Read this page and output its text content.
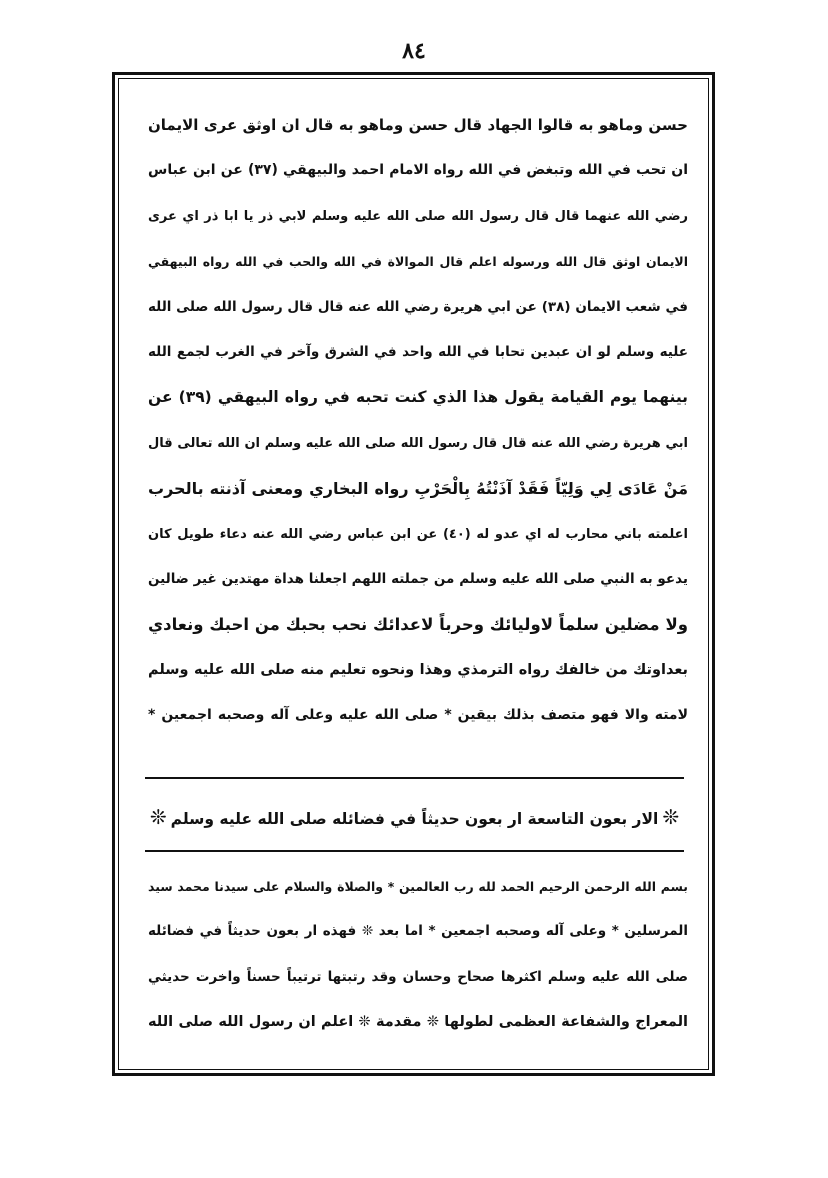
٨٤
حسن وماهو به قالوا الجهاد قال حسن وماهو به قال ان اوثق عرى الايمان
ان تحب في الله وتبغض في الله رواه الامام احمد والبيهقي (٣٧) عن ابن عباس
رضي الله عنهما قال قال رسول الله صلى الله عليه وسلم لابي ذر يا ابا ذر اي عرى
الايمان اوثق قال الله ورسوله اعلم قال الموالاة في الله والحب في الله رواه البيهقي
في شعب الايمان (٣٨) عن ابي هريرة رضي الله عنه قال قال رسول الله صلى الله
عليه وسلم لو ان عبدين تحابا في الله واحد في الشرق وآخر في الغرب لجمع الله
بينهما يوم القيامة يقول هذا الذي كنت تحبه في رواه البيهقي (٣٩) عن
ابي هريرة رضي الله عنه قال قال رسول الله صلى الله عليه وسلم ان الله تعالى قال
مَنْ عَادَى لِي وَلِيّاً فَقَدْ آذَنْتُهُ بِالْحَرْبِ رواه البخاري ومعنى آذنته بالحرب
اعلمته باني محارب له اي عدو له (٤٠) عن ابن عباس رضي الله عنه دعاء طويل كان
يدعو به النبي صلى الله عليه وسلم من جملته اللهم اجعلنا هداة مهتدين غير ضالين
ولا مضلين سلماً لاوليائك وحرباً لاعدائك نحب بحبك من احبك ونعادي
بعداوتك من خالفك رواه الترمذي وهذا ونحوه تعليم منه صلى الله عليه وسلم
لامته والا فهو متصف بذلك بيقين * صلى الله عليه وعلى آله وصحبه اجمعين *
❊الار بعون التاسعة ار بعون حديثاً في فضائله صلى الله عليه وسلم❊
بسم الله الرحمن الرحيم الحمد لله رب العالمين * والصلاة والسلام على سيدنا محمد سيد
المرسلين * وعلى آله وصحبه اجمعين * اما بعد ❊ فهذه ار بعون حديثاً في فضائله
صلى الله عليه وسلم اكثرها صحاح وحسان وقد رتبتها ترتيباً حسناً واخرت حديثي
المعراج والشفاعة العظمى لطولها ❊ مقدمة ❊ اعلم ان رسول الله صلى الله
